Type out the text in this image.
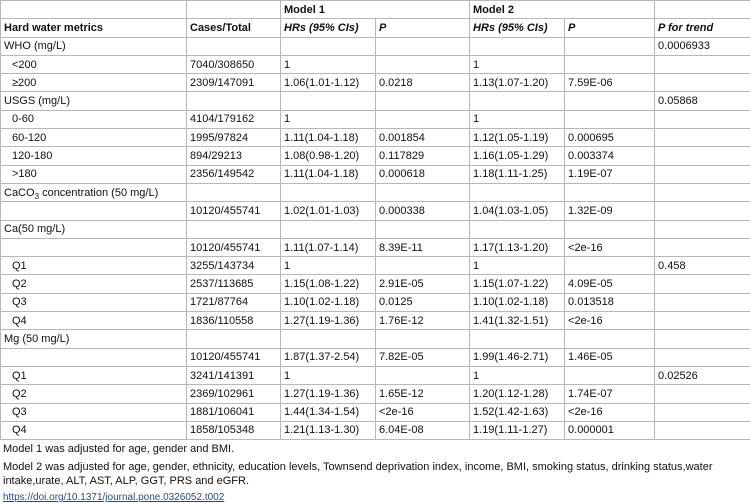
		Model 1		Model 2		
Hard water metrics	Cases/Total	HRs (95% CIs)	P	HRs (95% CIs)	P	P for trend
WHO (mg/L)						0.0006933
<200	7040/308650	1		1		
≥200	2309/147091	1.06(1.01-1.12)	0.0218	1.13(1.07-1.20)	7.59E-06	
USGS (mg/L)						0.05868
0-60	4104/179162	1		1		
60-120	1995/97824	1.11(1.04-1.18)	0.001854	1.12(1.05-1.19)	0.000695	
120-180	894/29213	1.08(0.98-1.20)	0.117829	1.16(1.05-1.29)	0.003374	
>180	2356/149542	1.11(1.04-1.18)	0.000618	1.18(1.11-1.25)	1.19E-07	
CaCO$_3$ concentration (50 mg/L)						
	10120/455741	1.02(1.01-1.03)	0.000338	1.04(1.03-1.05)	1.32E-09	
Ca(50 mg/L)						
	10120/455741	1.11(1.07-1.14)	8.39E-11	1.17(1.13-1.20)	<2e-16	
Q1	3255/143734	1		1		0.458
Q2	2537/113685	1.15(1.08-1.22)	2.91E-05	1.15(1.07-1.22)	4.09E-05	
Q3	1721/87764	1.10(1.02-1.18)	0.0125	1.10(1.02-1.18)	0.013518	
Q4	1836/110558	1.27(1.19-1.36)	1.76E-12	1.41(1.32-1.51)	<2e-16	
Mg (50 mg/L)						
	10120/455741	1.87(1.37-2.54)	7.82E-05	1.99(1.46-2.71)	1.46E-05	
Q1	3241/141391	1		1		0.02526
Q2	2369/102961	1.27(1.19-1.36)	1.65E-12	1.20(1.12-1.28)	1.74E-07	
Q3	1881/106041	1.44(1.34-1.54)	<2e-16	1.52(1.42-1.63)	<2e-16	
Q4	1858/105348	1.21(1.13-1.30)	6.04E-08	1.19(1.11-1.27)	0.000001	
Model 1 was adjusted for age, gender and BMI.
Model 2 was adjusted for age, gender, ethnicity, education levels, Townsend deprivation index, income, BMI, smoking status, drinking status,water intake,urate, ALT, AST, ALP, GGT, PRS and eGFR.
https://doi.org/10.1371/journal.pone.0326052.t002
